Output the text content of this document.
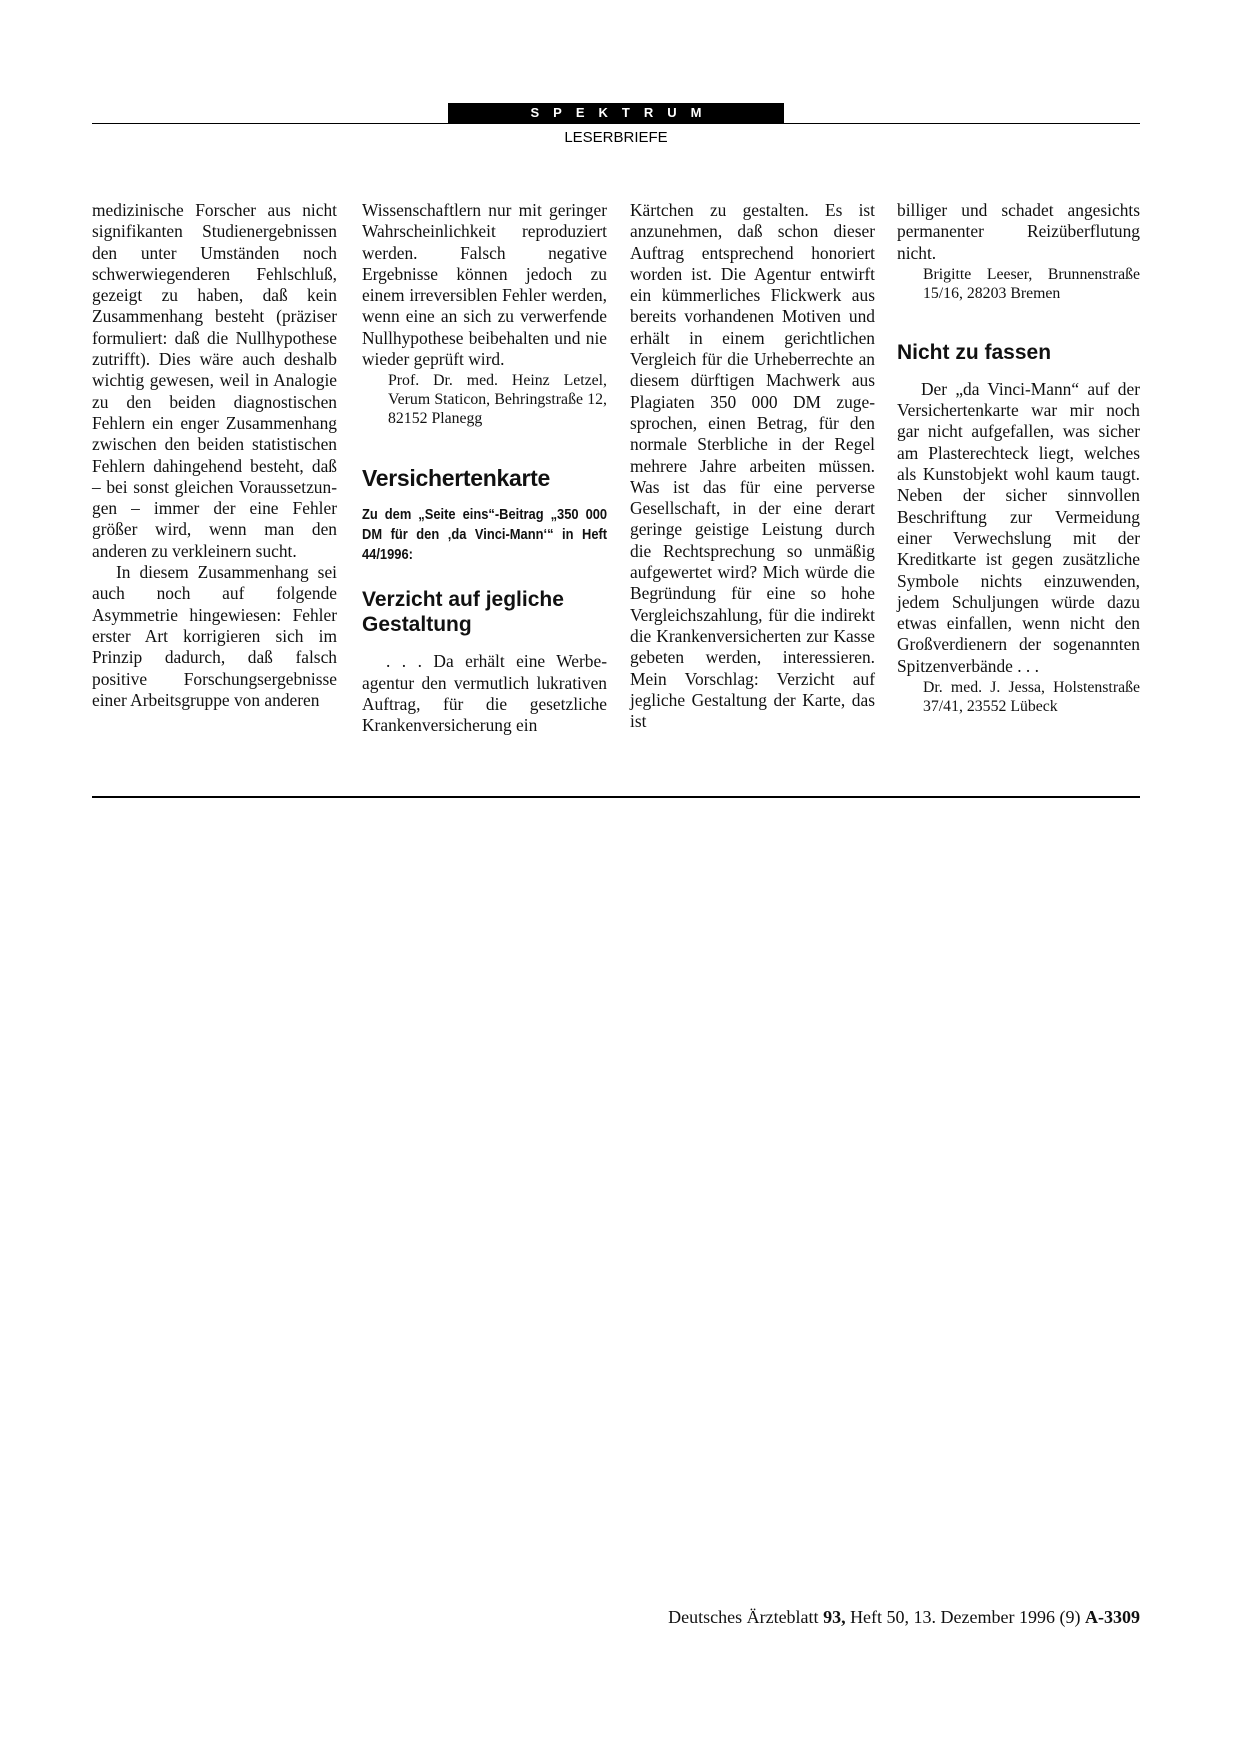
SPEKTRUM
LESERBRIEFE

medizinische Forscher aus nicht signifikanten Studienergebnissen den unter Umständen noch schwerwiegenderen Fehlschluß, gezeigt zu haben, daß kein Zusammenhang besteht (präziser formuliert: daß die Nullhypothese zutrifft). Dies wäre auch deshalb wichtig gewesen, weil in Analogie zu den beiden diagnostischen Fehlern ein enger Zusammenhang zwischen den beiden statistischen Fehlern dahingehend besteht, daß – bei sonst gleichen Voraussetzungen – immer der eine Fehler größer wird, wenn man den anderen zu verkleinern sucht.

In diesem Zusammenhang sei auch noch auf folgende Asymmetrie hingewiesen: Fehler erster Art korrigieren sich im Prinzip dadurch, daß falsch positive Forschungsergebnisse einer Arbeitsgruppe von anderen

Wissenschaftlern nur mit geringer Wahrscheinlichkeit reproduziert werden. Falsch negative Ergebnisse können jedoch zu einem irreversiblen Fehler werden, wenn eine an sich zu verwerfende Nullhypothese beibehalten und nie wieder geprüft wird.

Prof. Dr. med. Heinz Letzel, Verum Staticon, Behringstraße 12, 82152 Planegg

Versichertenkarte
Zu dem „Seite eins“-Beitrag „350 000 DM für den ‚da Vinci-Mann‘“ in Heft 44/1996:
Verzicht auf jegliche Gestaltung

. . . Da erhält eine Werbeagentur den vermutlich lukrativen Auftrag, für die gesetzliche Krankenversicherung ein

Kärtchen zu gestalten. Es ist anzunehmen, daß schon dieser Auftrag entsprechend honoriert worden ist. Die Agentur entwirft ein kümmerliches Flickwerk aus bereits vorhandenen Motiven und erhält in einem gerichtlichen Vergleich für die Urheberrechte an diesem dürftigen Machwerk aus Plagiaten 350 000 DM zugesprochen, einen Betrag, für den normale Sterbliche in der Regel mehrere Jahre arbeiten müssen. Was ist das für eine perverse Gesellschaft, in der eine derart geringe geistige Leistung durch die Rechtsprechung so unmäßig aufgewertet wird? Mich würde die Begründung für eine so hohe Vergleichszahlung, für die indirekt die Krankenversicherten zur Kasse gebeten werden, interessieren. Mein Vorschlag: Verzicht auf jegliche Gestaltung der Karte, das ist

billiger und schadet angesichts permanenter Reizüberflutung nicht.

Brigitte Leeser, Brunnenstraße 15/16, 28203 Bremen

Nicht zu fassen

Der „da Vinci-Mann“ auf der Versichertenkarte war mir noch gar nicht aufgefallen, was sicher am Plasterechteck liegt, welches als Kunstobjekt wohl kaum taugt. Neben der sicher sinnvollen Beschriftung zur Vermeidung einer Verwechslung mit der Kreditkarte ist gegen zusätzliche Symbole nichts einzuwenden, jedem Schuljungen würde dazu etwas einfallen, wenn nicht den Großverdienern der sogenannten Spitzenverbände . . .

Dr. med. J. Jessa, Holstenstraße 37/41, 23552 Lübeck

Deutsches Ärzteblatt 93, Heft 50, 13. Dezember 1996 (9) A-3309
